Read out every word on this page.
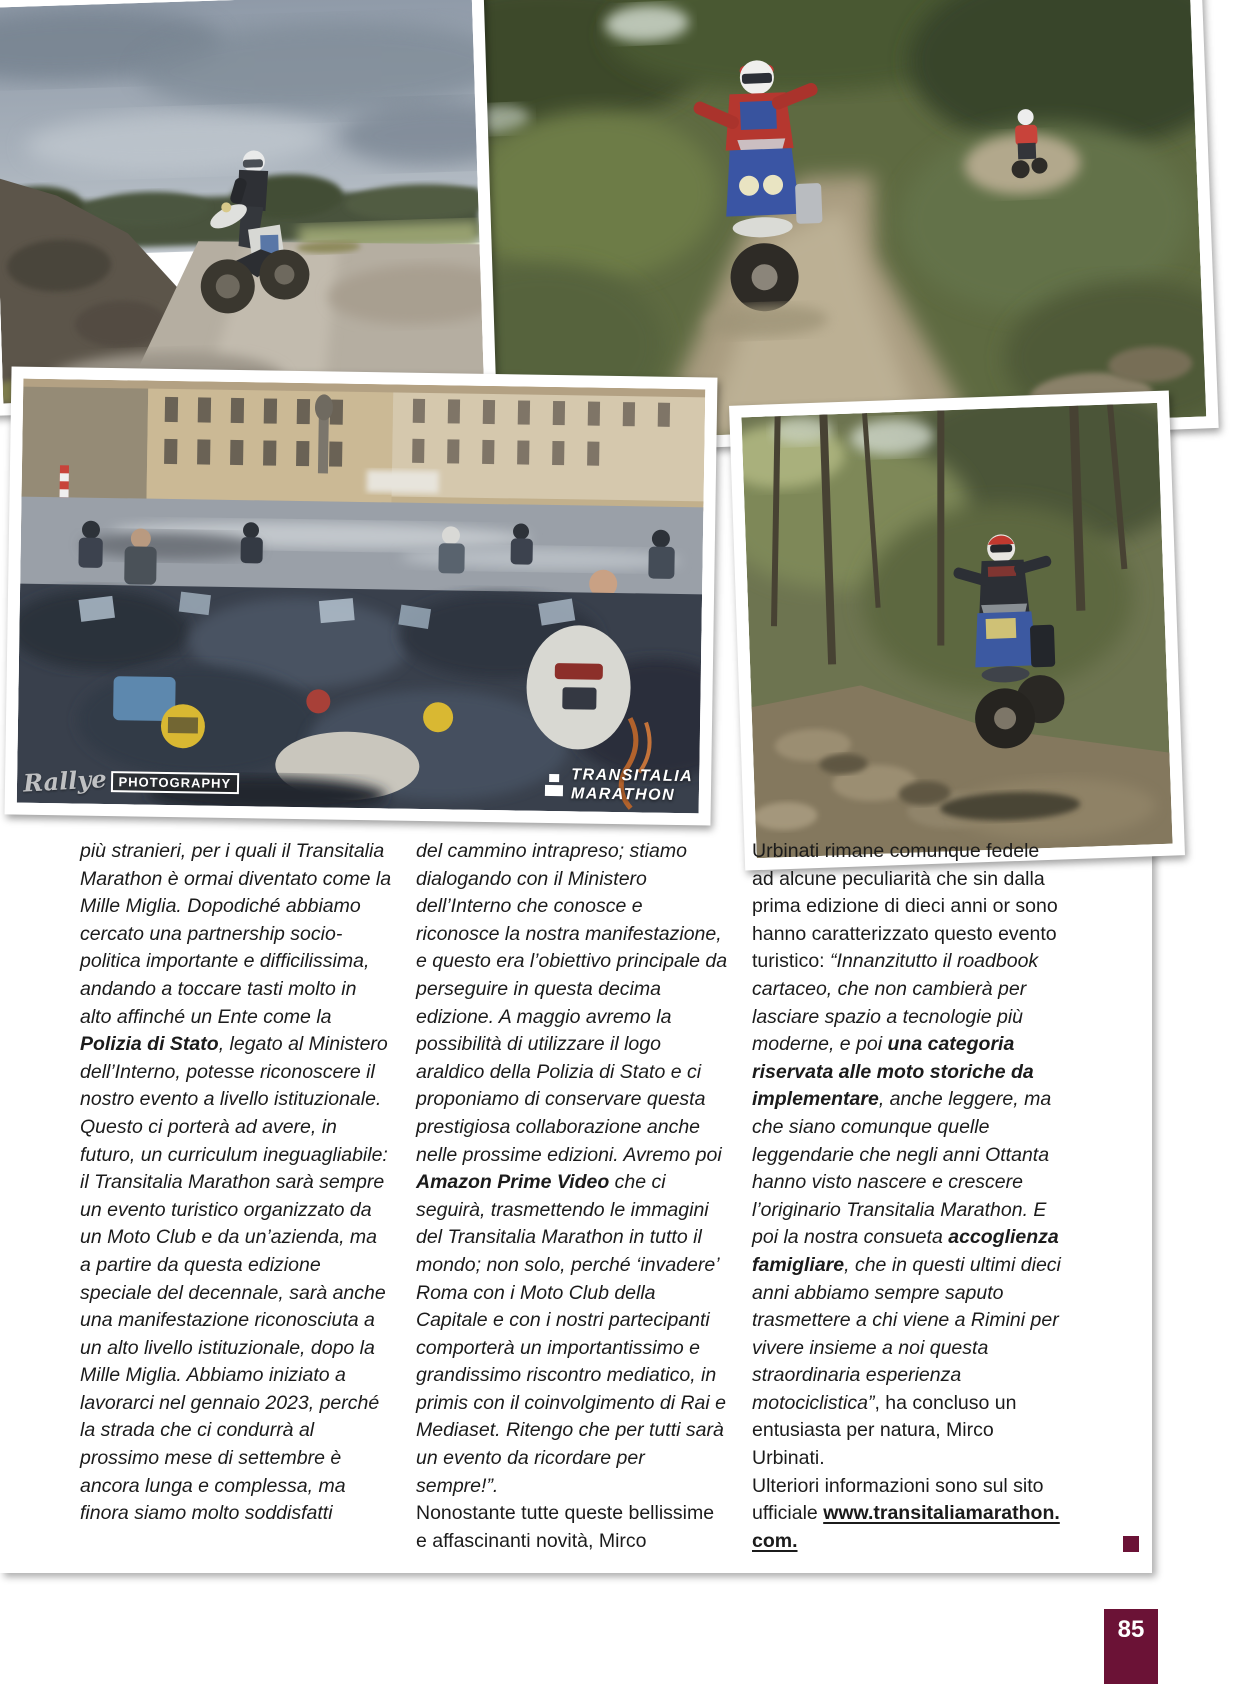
Rallye PHOTOGRAPHY	TRANSITALIA
MARATHON

più stranieri, per i quali il Transitalia Marathon è ormai diventato come la Mille Miglia. Dopodiché abbiamo cercato una partnership socio-politica importante e difficilissima, andando a toccare tasti molto in alto affinché un Ente come la Polizia di Stato, legato al Ministero dell’Interno, potesse riconoscere il nostro evento a livello istituzionale. Questo ci porterà ad avere, in futuro, un curriculum ineguagliabile: il Transitalia Marathon sarà sempre un evento turistico organizzato da un Moto Club e da un’azienda, ma a partire da questa edizione speciale del decennale, sarà anche una manifestazione riconosciuta a un alto livello istituzionale, dopo la Mille Miglia. Abbiamo iniziato a lavorarci nel gennaio 2023, perché la strada che ci condurrà al prossimo mese di settembre è ancora lunga e complessa, ma finora siamo molto soddisfatti

del cammino intrapreso; stiamo dialogando con il Ministero dell’Interno che conosce e riconosce la nostra manifestazione, e questo era l’obiettivo principale da perseguire in questa decima edizione. A maggio avremo la possibilità di utilizzare il logo araldico della Polizia di Stato e ci proponiamo di conservare questa prestigiosa collaborazione anche nelle prossime edizioni. Avremo poi Amazon Prime Video che ci seguirà, trasmettendo le immagini del Transitalia Marathon in tutto il mondo; non solo, perché ‘invadere’ Roma con i Moto Club della Capitale e con i nostri partecipanti comporterà un importantissimo e grandissimo riscontro mediatico, in primis con il coinvolgimento di Rai e Mediaset. Ritengo che per tutti sarà un evento da ricordare per sempre!”.

Nonostante tutte queste bellissime e affascinanti novità, Mirco

Urbinati rimane comunque fedele ad alcune peculiarità che sin dalla prima edizione di dieci anni or sono hanno caratterizzato questo evento turistico: “Innanzitutto il roadbook cartaceo, che non cambierà per lasciare spazio a tecnologie più moderne, e poi una categoria riservata alle moto storiche da implementare, anche leggere, ma che siano comunque quelle leggendarie che negli anni Ottanta hanno visto nascere e crescere l’originario Transitalia Marathon. E poi la nostra consueta accoglienza famigliare, che in questi ultimi dieci anni abbiamo sempre saputo trasmettere a chi viene a Rimini per vivere insieme a noi questa straordinaria esperienza motociclistica”, ha concluso un entusiasta per natura, Mirco Urbinati.

Ulteriori informazioni sono sul sito ufficiale www.transitaliamarathon.com.

85
